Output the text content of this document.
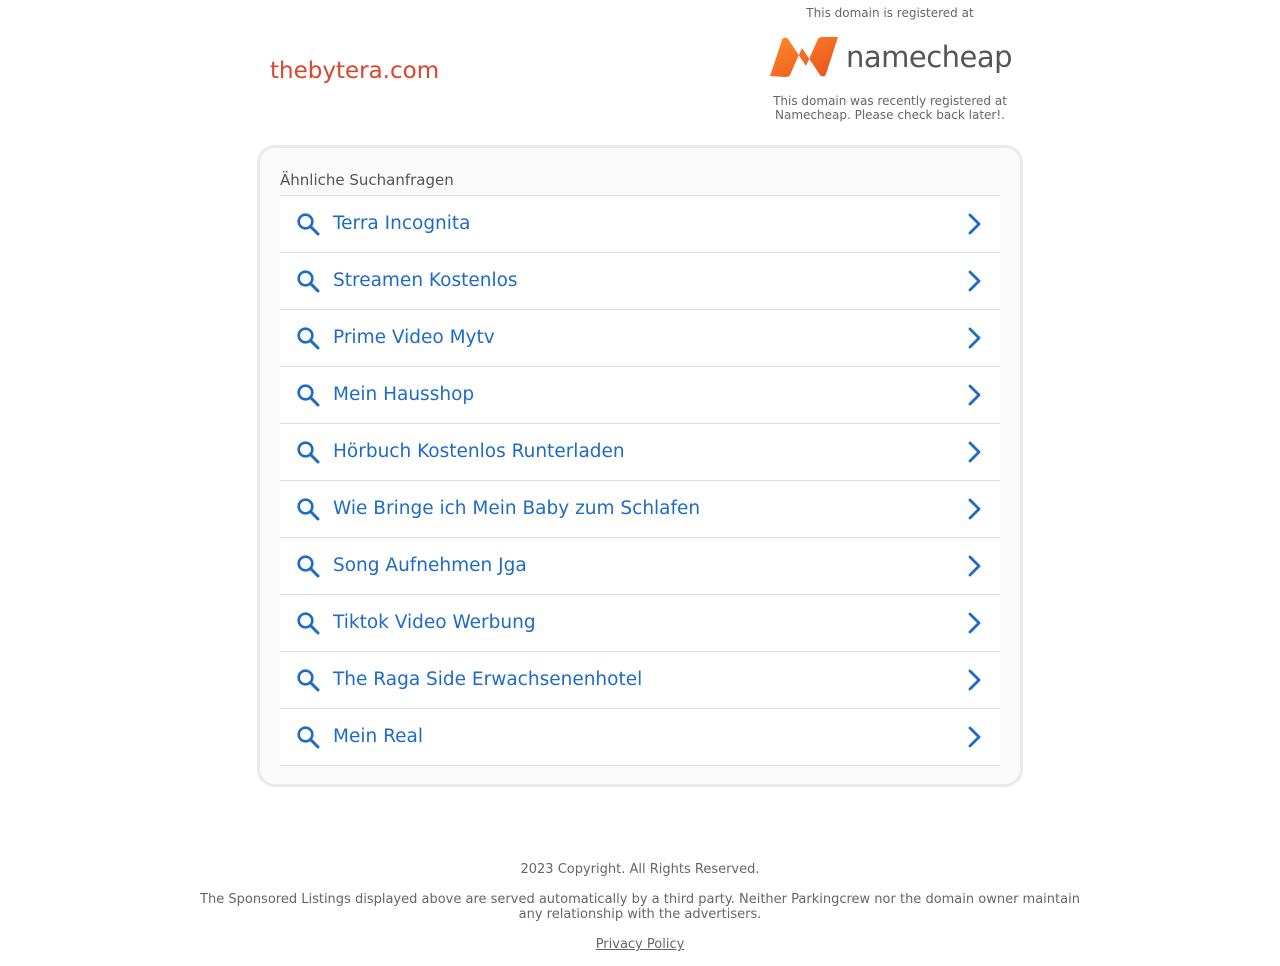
thebytera.com
This domain is registered at
namecheap
This domain was recently registered at Namecheap. Please check back later!.
Ähnliche Suchanfragen
Terra Incognita
Streamen Kostenlos
Prime Video Mytv
Mein Hausshop
Hörbuch Kostenlos Runterladen
Wie Bringe ich Mein Baby zum Schlafen
Song Aufnehmen Jga
Tiktok Video Werbung
The Raga Side Erwachsenenhotel
Mein Real
2023 Copyright. All Rights Reserved.
The Sponsored Listings displayed above are served automatically by a third party. Neither Parkingcrew nor the domain owner maintain any relationship with the advertisers.
Privacy Policy
